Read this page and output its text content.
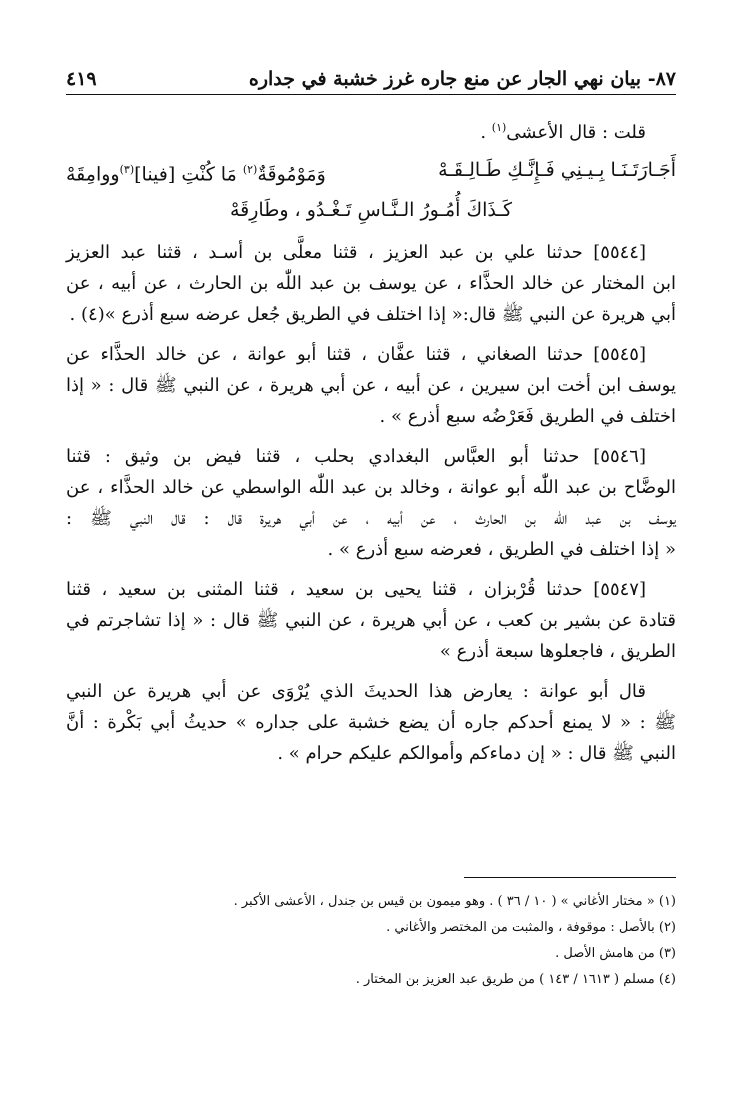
٨٧- بيان نهي الجار عن منع جاره غرز خشبة في جداره
٤١٩

قلت : قال الأعشى$^{(١)}$ .

أَجَـارَتَـنَـا بِـيـنِي فَـإِنَّـكِ طَـالِـقَـهْ
وَمَوْمُوقَةٌ$^{(٢)}$ مَا كُنْتِ [فينا]$^{(٣)}$ووامِقَهْ
كَـذَاكَ أُمُـورُ الـنَّـاسِ تَـغْـدُو ، وطَارِقَهْ

[٥٥٤٤] حدثنا علي بن عبد العزيز ، قثنا معلَّى بن أسـد ، قثنا عبد العزيز

ابن المختار عن خالد الحذَّاء ، عن يوسف بن عبد اللّٰه بن الحارث ، عن أبيه ، عن

أبي هريرة عن النبي ﷺ قال:« إذا اختلف في الطريق جُعل عرضه سبع أذرع »(٤) .

[٥٥٤٥] حدثنا الصغاني ، قثنا عفَّان ، قثنا أبو عوانة ، عن خالد الحذَّاء عن

يوسف ابن أخت ابن سيرين ، عن أبيه ، عن أبي هريرة ، عن النبي ﷺ قال : « إذا

اختلف في الطريق فَعَرْضُه سبع أذرع » .

[٥٥٤٦] حدثنا أبو العبَّاس البغدادي بحلب ، قثنا فيض بن وثيق : قثنا

الوضَّاح بن عبد اللّٰه أبو عوانة ، وخالد بن عبد اللّٰه الواسطي عن خالد الحذَّاء ، عن

يوسف بن عبد اللّٰه بن الحارث ، عن أبيه ، عن أبي هريرة قال : قال النبي ﷺ :

« إذا اختلف في الطريق ، فعرضه سبع أذرع » .

[٥٥٤٧] حدثنا قُرْبزان ، قثنا يحيى بن سعيد ، قثنا المثنى بن سعيد ، قثنا

قتادة عن بشير بن كعب ، عن أبي هريرة ، عن النبي ﷺ قال : « إذا تشاجرتم في

الطريق ، فاجعلوها سبعة أذرع »

قال أبو عوانة : يعارض هذا الحديثَ الذي يُرْوَى عن أبي هريرة عن النبي

ﷺ : « لا يمنع أحدكم جاره أن يضع خشبة على جداره » حديثُ أبي بَكْرة : أنَّ

النبي ﷺ قال : « إن دماءكم وأموالكم عليكم حرام » .

(١) « مختار الأغاني » ( ١٠ / ٣٦ ) . وهو ميمون بن قيس بن جندل ، الأعشى الأكبر .

(٢) بالأصل : موقوفة ، والمثبت من المختصر والأغاني .

(٣) من هامش الأصل .

(٤) مسلم ( ١٦١٣ / ١٤٣ ) من طريق عبد العزيز بن المختار .
